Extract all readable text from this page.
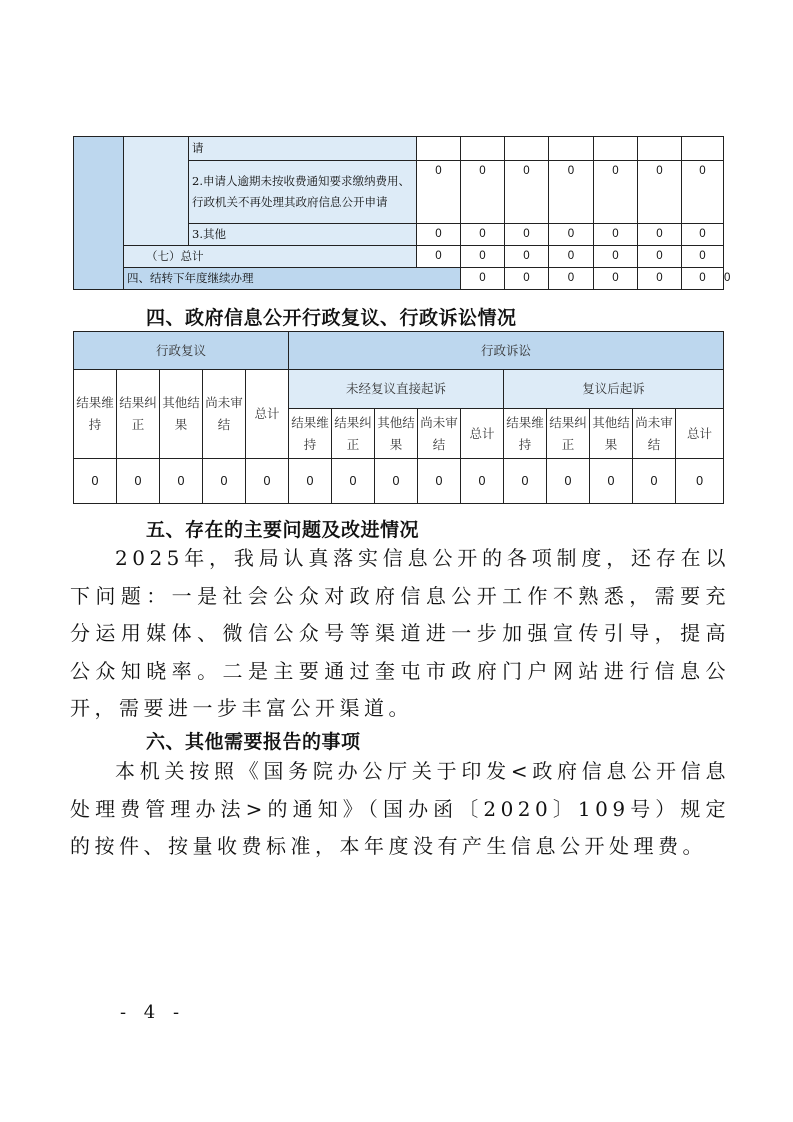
		请								
		2.申请人逾期未按收费通知要求缴纳费用、行政机关不再处理其政府信息公开申请	0	0	0	0	0	0	0	
		3.其他	0	0	0	0	0	0	0	
	（七）总计		0	0	0	0	0	0	0	
	四、结转下年度继续办理			0	0	0	0	0	0	0
四、政府信息公开行政复议、行政诉讼情况
行政复议					行政诉讼									
结果维持	结果纠正	其他结果	尚未审结	总计	未经复议直接起诉					复议后起诉				
					结果维持	结果纠正	其他结果	尚未审结	总计	结果维持	结果纠正	其他结果	尚未审结	总计
0	0	0	0	0	0	0	0	0	0	0	0	0	0	0
五、存在的主要问题及改进情况

2025年，我局认真落实信息公开的各项制度，还存在以下问题：一是社会公众对政府信息公开工作不熟悉，需要充分运用媒体、微信公众号等渠道进一步加强宣传引导，提高公众知晓率。二是主要通过奎屯市政府门户网站进行信息公开，需要进一步丰富公开渠道。

六、其他需要报告的事项

本机关按照《国务院办公厅关于印发<政府信息公开信息处理费管理办法>的通知》（国办函〔2020〕109号）规定的按件、按量收费标准，本年度没有产生信息公开处理费。

- 4 -
